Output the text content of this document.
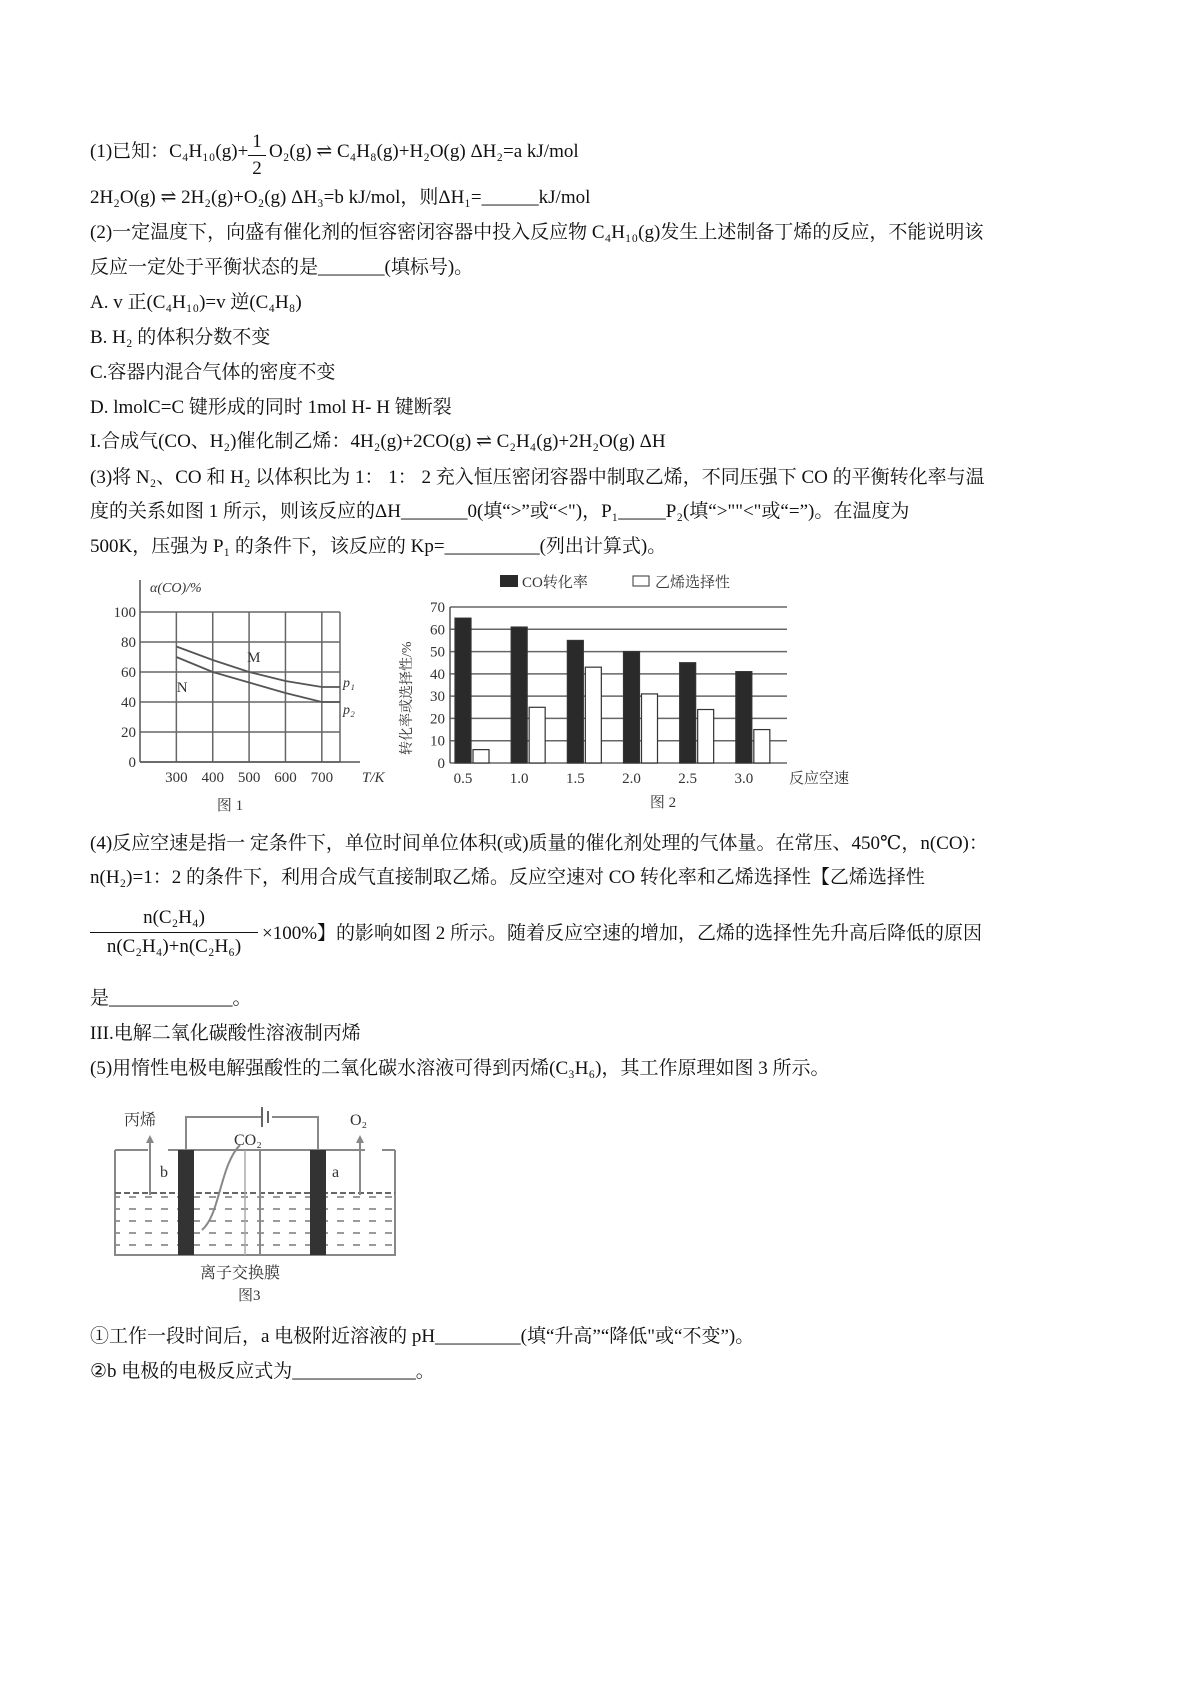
(1)已知：$C_4H_{10}(g)+ \frac{1}{2} O_2(g)$ ⇌ C₄H₈(g)+H₂O(g) ΔH₂=a kJ/mol
2H₂O(g) ⇌ 2H₂(g)+O₂(g) ΔH₃=b kJ/mol，则ΔH₁=______kJ/mol
(2)一定温度下，向盛有催化剂的恒容密闭容器中投入反应物 C₄H₁₀(g)发生上述制备丁烯的反应，不能说明该
反应一定处于平衡状态的是_______(填标号)。
A. v 正(C₄H₁₀)=v 逆(C₄H₈)
B. H₂ 的体积分数不变
C.容器内混合气体的密度不变
D. lmolC=C 键形成的同时 1mol H- H 键断裂
I.合成气(CO、H₂)催化制乙烯：4H₂(g)+2CO(g) ⇌ C₂H₄(g)+2H₂O(g) ΔH
(3)将 N₂、CO 和 H₂ 以体积比为 1： 1： 2 充入恒压密闭容器中制取乙烯，不同压强下 CO 的平衡转化率与温
度的关系如图 1 所示，则该反应的ΔH_______0(填“>”或“<")，P₁_____P₂(填“>""<"或“=”)。在温度为
500K，压强为 P₁ 的条件下，该反应的 Kp=__________(列出计算式)。
0
20
40
60
80
100
300 400 500 600 700
α(CO)/%
T/K
p₁
p₂
M
N
图 1
0
10
20
30
40
50
60
70
转化率或选择性/%
0.5 1.0 1.5 2.0 2.5 3.0 反应空速
CO转化率	乙烯选择性
图 2
(4)反应空速是指一 定条件下，单位时间单位体积(或)质量的催化剂处理的气体量。在常压、450℃，n(CO)：
n(H₂)=1：2 的条件下，利用合成气直接制取乙烯。反应空速对 CO 转化率和乙烯选择性【乙烯选择性
$\frac{\text{n(C₂H₄)}}{\text{n(C₂H₄)+n(C₂H₆)}} \times 100\%$】的影响如图 2 所示。随着反应空速的增加，乙烯的选择性先升高后降低的原因
是_____________。
III.电解二氧化碳酸性溶液制丙烯
(5)用惰性电极电解强酸性的二氧化碳水溶液可得到丙烯(C₃H₆)，其工作原理如图 3 所示。
丙烯	O₂
CO₂
b	a
离子交换膜
图3
①工作一段时间后，a 电极附近溶液的 pH_________(填“升高”“降低"或“不变”)。
②b 电极的电极反应式为_____________。
